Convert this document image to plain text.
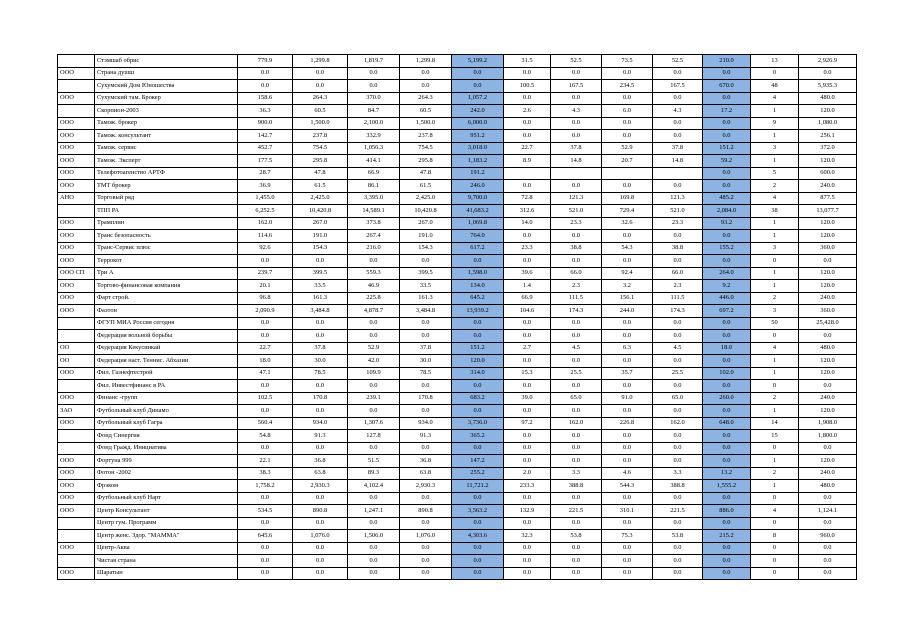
	Стэмшаб обрис	779.9	1,299.8	1,819.7	1,299.8	5,199.2	31.5	52.5	73.5	52.5	210.0	13	2,926.9
ООО	Страна душш	0.0	0.0	0.0	0.0	0.0	0.0	0.0	0.0	0.0	0.0	0	0.0
	Сухумский Дом Юношества	0.0	0.0	0.0	0.0	0.0	100.5	167.5	234.5	167.5	670.0	48	5,935.3
ООО	Сухумский там. Брокер	158.6	264.3	370.0	264.3	1,057.2	0.0	0.0	0.0	0.0	0.0	4	480.0
	Скорпион-2003	36.3	60.5	84.7	60.5	242.0	2.6	4.3	6.0	4.3	17.2	1	120.0
ООО	Тамож. брокер	900.0	1,500.0	2,100.0	1,500.0	6,000.0	0.0	0.0	0.0	0.0	0.0	9	1,080.0
ООО	Тамож. консультант	142.7	237.8	332.9	237.8	951.2	0.0	0.0	0.0	0.0	0.0	1	256.1
ООО	Тамож. сервис	452.7	754.5	1,056.3	754.5	3,018.0	22.7	37.8	52.9	37.8	151.2	3	372.0
ООО	Тамож. Эксперт	177.5	295.8	414.1	295.8	1,183.2	8.9	14.8	20.7	14.8	59.2	1	120.0
ООО	Телефотоагенство АРТФ	28.7	47.8	66.9	47.8	191.2					0.0	5	600.0
ООО	ТМТ брокер	36.9	61.5	86.1	61.5	246.0	0.0	0.0	0.0	0.0	0.0	2	240.0
АНО	Торговый ряд	1,455.0	2,425.0	3,395.0	2,425.0	9,700.0	72.8	121.3	169.8	121.3	485.2	4	877.5
	ТПП РА	6,252.5	10,420.8	14,589.1	10,420.8	41,683.2	312.6	521.0	729.4	521.0	2,084.0	38	13,077.7
ООО	Трамплин	162.0	267.0	373.8	267.0	1,069.8	14.0	23.3	32.6	23.3	93.2	1	120.0
ООО	Транс безопасность	114.6	191.0	267.4	191.0	764.0	0.0	0.0	0.0	0.0	0.0	1	120.0
ООО	Транс-Сервис плюс	92.6	154.3	216.0	154.3	617.2	23.3	38.8	54.3	38.8	155.2	3	360.0
ООО	Террокот	0.0	0.0	0.0	0.0	0.0	0.0	0.0	0.0	0.0	0.0	0	0.0
ООО СП	Три А	239.7	399.5	559.3	399.5	1,598.0	39.6	66.0	92.4	66.0	264.0	1	120.0
ООО	Торгово-финансовая компания	20.1	33.5	46.9	33.5	134.0	1.4	2.3	3.2	2.3	9.2	1	120.0
ООО	Фарт строй.	96.8	161.3	225.8	161.3	645.2	66.9	111.5	156.1	111.5	446.0	2	240.0
ООО	Фаэтон	2,090.9	3,484.8	4,878.7	3,484.8	13,939.2	104.6	174.3	244.0	174.3	697.2	3	360.0
	ФГУП МИА Россия сегодня	0.0	0.0	0.0	0.0	0.0	0.0	0.0	0.0	0.0	0.0	50	25,428.0
	Федерация вольной борьбы	0.0	0.0	0.0	0.0	0.0	0.0	0.0	0.0	0.0	0.0	0	0.0
ОО	Федерация Кекусинкай	22.7	37.8	52.9	37.8	151.2	2.7	4.5	6.3	4.5	18.0	4	480.0
ОО	Федерация наст. Теннис. Абхазии	18.0	30.0	42.0	30.0	120.0	0.0	0.0	0.0	0.0	0.0	1	120.0
ООО	Фил. Газнефтестрой	47.1	78.5	109.9	78.5	314.0	15.3	25.5	35.7	25.5	102.0	1	120.0
	Фил. Инвестфинанс в РА	0.0	0.0	0.0	0.0	0.0	0.0	0.0	0.0	0.0	0.0	0	0.0
ООО	Финанс -групп	102.5	170.8	239.1	170.8	683.2	39.0	65.0	91.0	65.0	260.0	2	240.0
ЗАО	Футбольный клуб Динамо	0.0	0.0	0.0	0.0	0.0	0.0	0.0	0.0	0.0	0.0	1	120.0
ООО	Футбольный клуб Гагра	560.4	934.0	1,307.6	934.0	3,736.0	97.2	162.0	226.8	162.0	648.0	14	1,908.0
	Фонд Синергия	54.8	91.3	127.8	91.3	365.2	0.0	0.0	0.0	0.0	0.0	15	1,800.0
	Фонд Гражд. Инициатива	0.0	0.0	0.0	0.0	0.0	0.0	0.0	0.0	0.0	0.0	0	0.0
ООО	Фортуна 999	22.1	36.8	51.5	36.8	147.2	0.0	0.0	0.0	0.0	0.0	1	120.0
ООО	Фотон -2002	38.3	63.8	89.3	63.8	255.2	2.0	3.3	4.6	3.3	13.2	2	240.0
ООО	Фрэком	1,758.2	2,930.3	4,102.4	2,930.3	11,721.2	233.3	388.8	544.3	388.8	1,555.2	1	480.0
ООО	Футбольный клуб Нарт	0.0	0.0	0.0	0.0	0.0	0.0	0.0	0.0	0.0	0.0	0	0.0
ООО	Центр Консультант	534.5	890.8	1,247.1	890.8	3,563.2	132.9	221.5	310.1	221.5	886.0	4	1,124.1
	Центр гум. Программ	0.0	0.0	0.0	0.0	0.0	0.0	0.0	0.0	0.0	0.0	0	0.0
	Центр женс. Здор. "МАММА"	645.6	1,076.0	1,506.0	1,076.0	4,303.6	32.3	53.8	75.3	53.8	215.2	8	960.0
ООО	Центр-Аква	0.0	0.0	0.0	0.0	0.0	0.0	0.0	0.0	0.0	0.0	0	0.0
	Чистая страна	0.0	0.0	0.0	0.0	0.0	0.0	0.0	0.0	0.0	0.0	0	0.0
ООО	Шаратын	0.0	0.0	0.0	0.0	0.0	0.0	0.0	0.0	0.0	0.0	0	0.0
